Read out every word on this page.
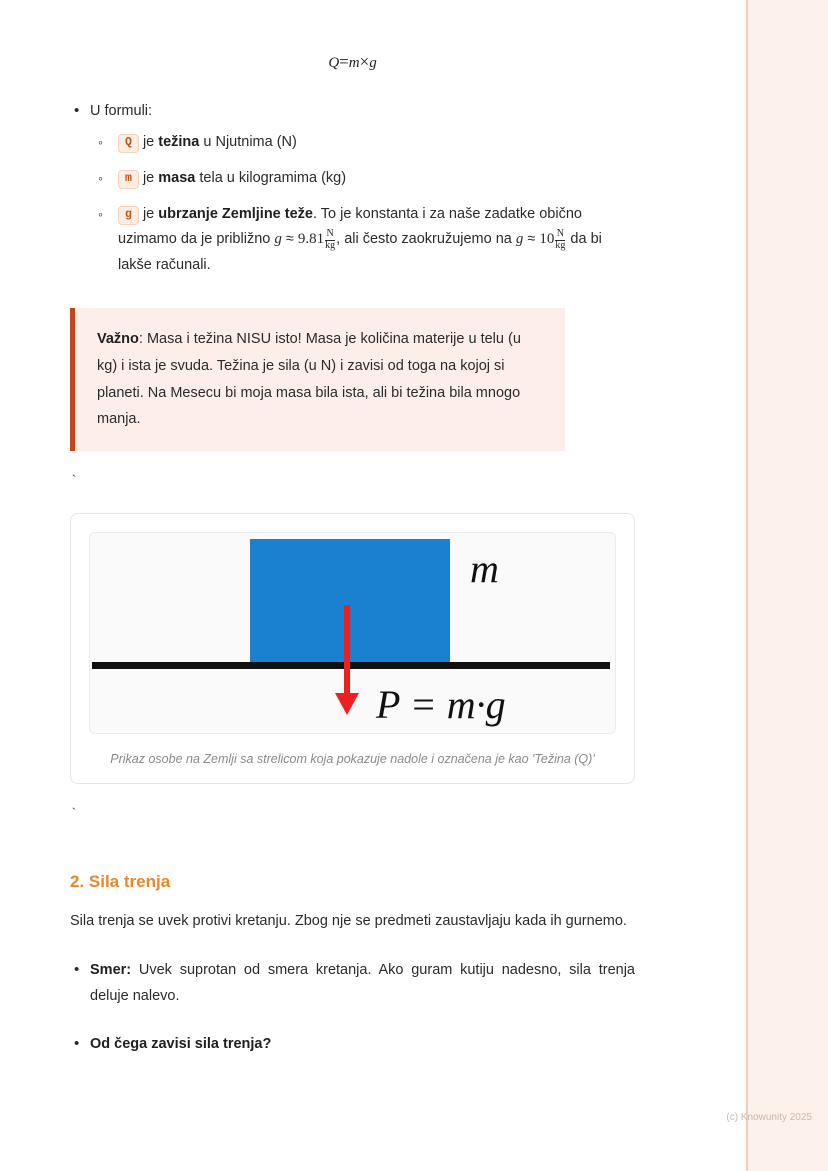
Q=m×g
• U formuli:
◦ Q je težina u Njutnima (N)
◦ m je masa tela u kilogramima (kg)
◦ g je ubrzanje Zemljine teže. To je konstanta i za naše zadatke obično uzimamo da je približno $g \approx 9.81 \frac{N}{kg}$ , ali često zaokružujemo na $g \approx 10 \frac{N}{kg}$ da bi lakše računali.
Važno: Masa i težina NISU isto! Masa je količina materije u telu (u kg) i ista je svuda. Težina je sila (u N) i zavisi od toga na kojoj si planeti. Na Mesecu bi moja masa bila ista, ali bi težina bila mnogo manja.
`
m
P = m·g
Prikaz osobe na Zemlji sa strelicom koja pokazuje nadole i označena je kao 'Težina (Q)'
`
2. Sila trenja

Sila trenja se uvek protivi kretanju. Zbog nje se predmeti zaustavljaju kada ih gurnemo.

• Smer: Uvek suprotan od smera kretanja. Ako guram kutiju nadesno, sila trenja deluje nalevo.
• Od čega zavisi sila trenja?
(c) Knowunity 2025
